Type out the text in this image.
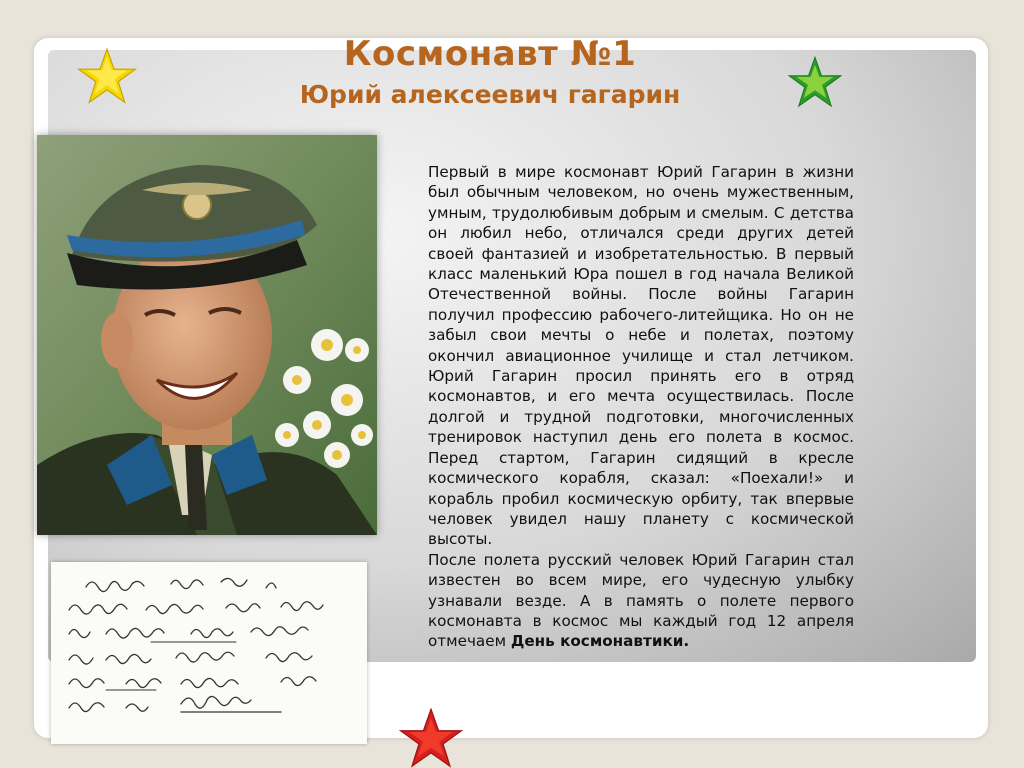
Космонавт №1
Юрий алексеевич гагарин

Первый в мире космонавт Юрий Гагарин в жизни был обычным человеком, но очень мужественным, умным, трудолюбивым добрым и смелым. С детства он любил небо, отличался среди других детей своей фантазией и изобретательностью. В первый класс маленький Юра пошел в год начала Великой Отечественной войны. После войны Гагарин получил профессию рабочего-литейщика. Но он не забыл свои мечты о небе и полетах, поэтому окончил авиационное училище и стал летчиком. Юрий Гагарин просил принять его в отряд космонавтов, и его мечта осуществилась. После долгой и трудной подготовки, многочисленных тренировок наступил день его полета в космос. Перед стартом, Гагарин сидящий в кресле космического корабля, сказал: «Поехали!» и корабль пробил космическую орбиту, так впервые человек увидел нашу планету с космической высоты.

После полета русский человек Юрий Гагарин стал известен во всем мире, его чудесную улыбку узнавали везде. А в память о полете первого космонавта в космос мы каждый год 12 апреля отмечаем День космонавтики.
